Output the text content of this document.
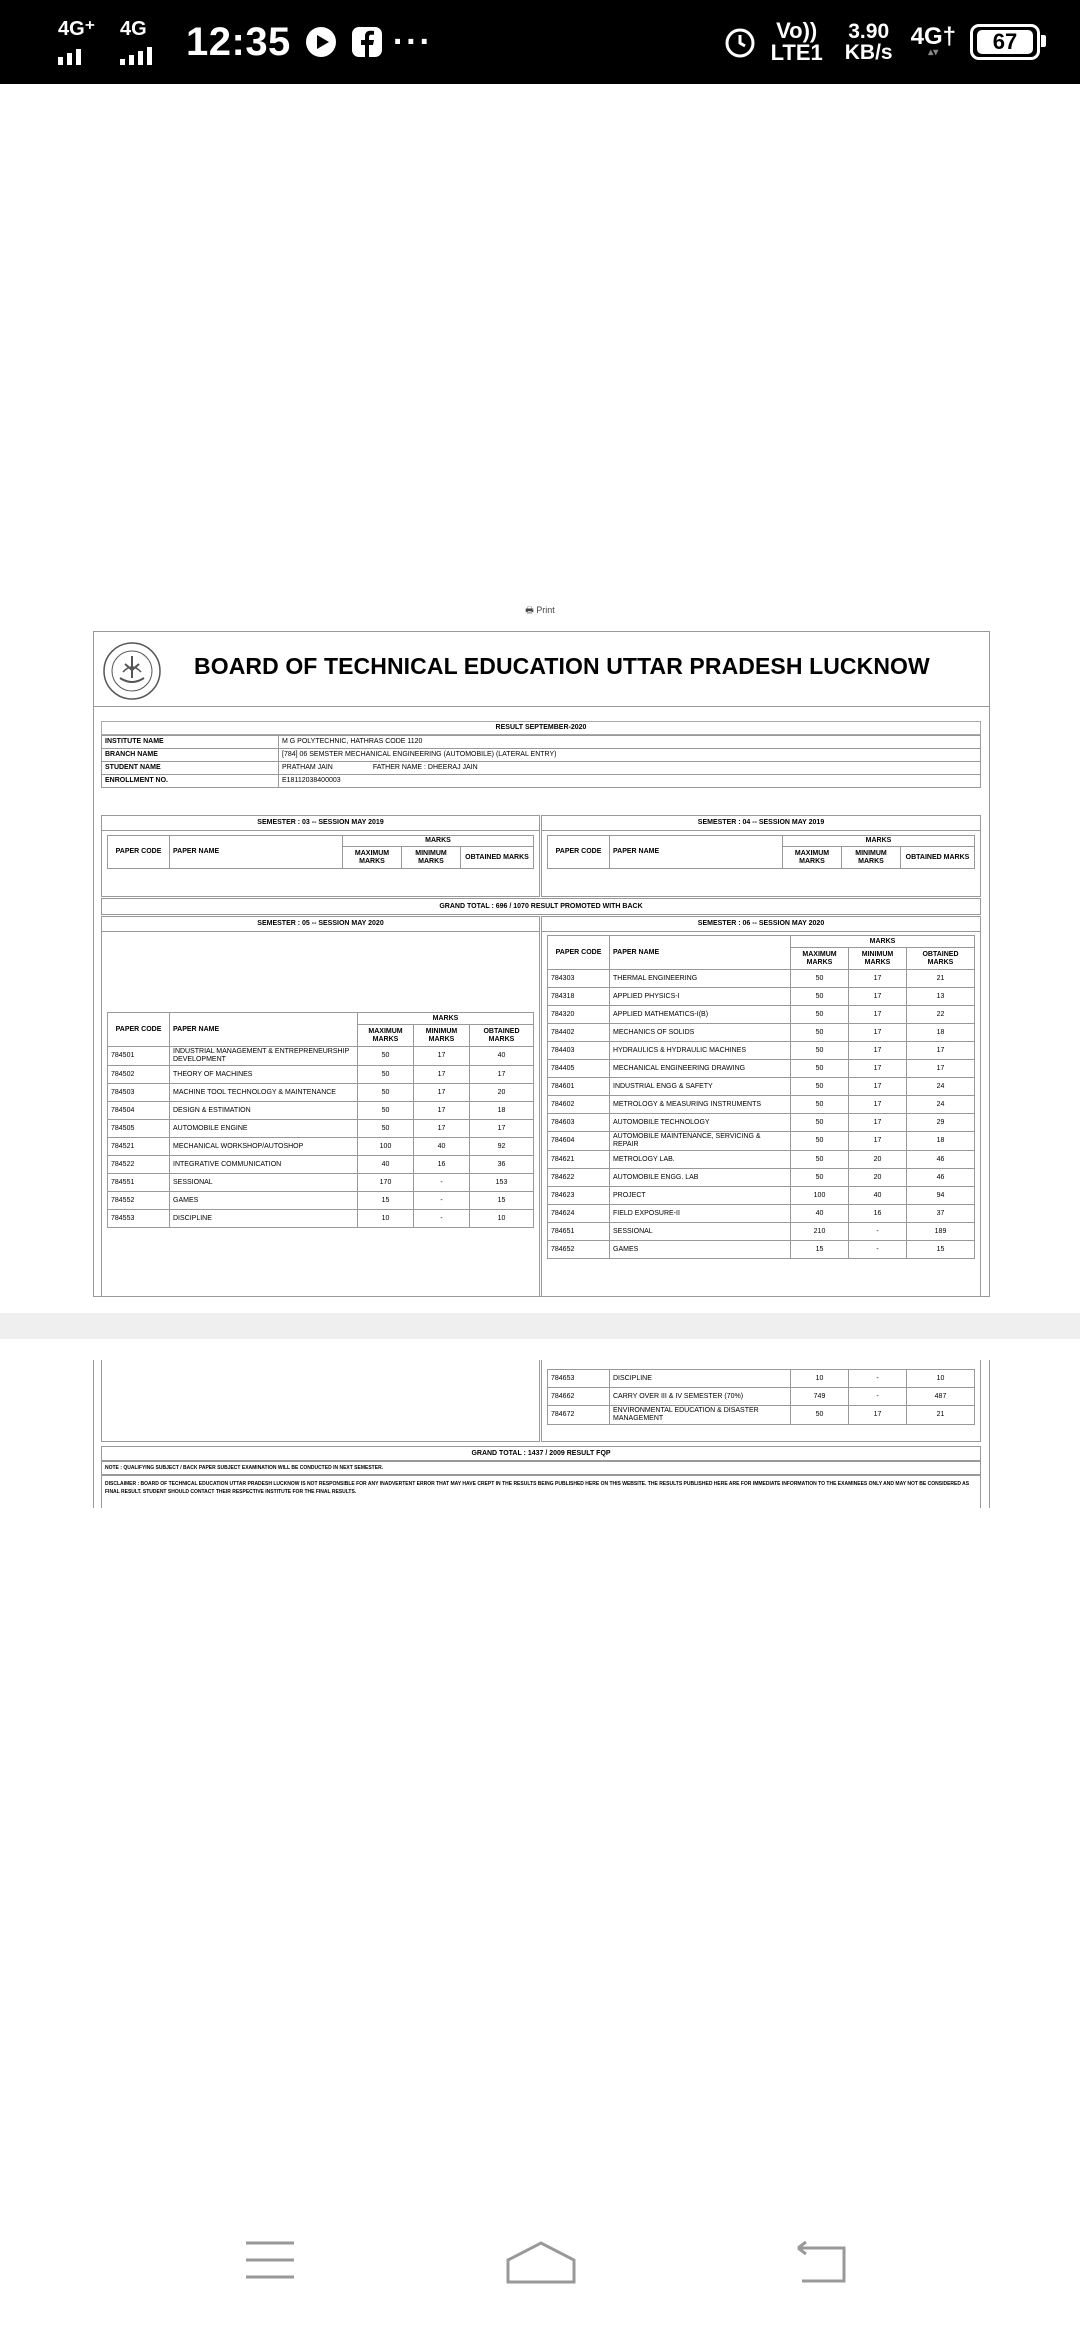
4G⁺ 4G 12:35	···	Vo))
LTE1
3.90
KB/s
4G†
▴▾	67
🖶 Print
BOARD OF TECHNICAL EDUCATION UTTAR PRADESH LUCKNOW
RESULT SEPTEMBER-2020
INSTITUTE NAME	M G POLYTECHNIC, HATHRAS CODE 1120
BRANCH NAME	[784] 06 SEMSTER MECHANICAL ENGINEERING (AUTOMOBILE) (LATERAL ENTRY)
STUDENT NAME	PRATHAM JAIN FATHER NAME : DHEERAJ JAIN
ENROLLMENT NO.	E18112038400003
SEMESTER : 03 -- SESSION MAY 2019
PAPER CODE	PAPER NAME	MARKS		
		MAXIMUM MARKS	MINIMUM MARKS	OBTAINED MARKS
SEMESTER : 04 -- SESSION MAY 2019
PAPER CODE	PAPER NAME	MARKS		
		MAXIMUM MARKS	MINIMUM MARKS	OBTAINED MARKS
GRAND TOTAL : 696 / 1070 RESULT PROMOTED WITH BACK
SEMESTER : 05 -- SESSION MAY 2020
PAPER CODE	PAPER NAME	MARKS		
		MAXIMUM MARKS	MINIMUM MARKS	OBTAINED MARKS
784501	INDUSTRIAL MANAGEMENT & ENTREPRENEURSHIP DEVELOPMENT	50	17	40
784502	THEORY OF MACHINES	50	17	17
784503	MACHINE TOOL TECHNOLOGY & MAINTENANCE	50	17	20
784504	DESIGN & ESTIMATION	50	17	18
784505	AUTOMOBILE ENGINE	50	17	17
784521	MECHANICAL WORKSHOP/AUTOSHOP	100	40	92
784522	INTEGRATIVE COMMUNICATION	40	16	36
784551	SESSIONAL	170	-	153
784552	GAMES	15	-	15
784553	DISCIPLINE	10	-	10
SEMESTER : 06 -- SESSION MAY 2020
PAPER CODE	PAPER NAME	MARKS		
		MAXIMUM MARKS	MINIMUM MARKS	OBTAINED MARKS
784303	THERMAL ENGINEERING	50	17	21
784318	APPLIED PHYSICS-I	50	17	13
784320	APPLIED MATHEMATICS-I(B)	50	17	22
784402	MECHANICS OF SOLIDS	50	17	18
784403	HYDRAULICS & HYDRAULIC MACHINES	50	17	17
784405	MECHANICAL ENGINEERING DRAWING	50	17	17
784601	INDUSTRIAL ENGG & SAFETY	50	17	24
784602	METROLOGY & MEASURING INSTRUMENTS	50	17	24
784603	AUTOMOBILE TECHNOLOGY	50	17	29
784604	AUTOMOBILE MAINTENANCE, SERVICING & REPAIR	50	17	18
784621	METROLOGY LAB.	50	20	46
784622	AUTOMOBILE ENGG. LAB	50	20	46
784623	PROJECT	100	40	94
784624	FIELD EXPOSURE-II	40	16	37
784651	SESSIONAL	210	-	189
784652	GAMES	15	-	15
784653	DISCIPLINE	10	-	10
784662	CARRY OVER III & IV SEMESTER (70%)	749	-	487
784672	ENVIRONMENTAL EDUCATION & DISASTER MANAGEMENT	50	17	21
GRAND TOTAL : 1437 / 2009 RESULT FQP
NOTE : QUALIFYING SUBJECT / BACK PAPER SUBJECT EXAMINATION WILL BE CONDUCTED IN NEXT SEMESTER.
DISCLAIMER : BOARD OF TECHNICAL EDUCATION UTTAR PRADESH LUCKNOW IS NOT RESPONSIBLE FOR ANY INADVERTENT ERROR THAT MAY HAVE CREPT IN THE RESULTS BEING PUBLISHED HERE ON THIS WEBSITE. THE RESULTS PUBLISHED HERE ARE FOR IMMEDIATE INFORMATION TO THE EXAMINEES ONLY AND MAY NOT BE CONSIDERED AS FINAL RESULT. STUDENT SHOULD CONTACT THEIR RESPECTIVE INSTITUTE FOR THE FINAL RESULTS.
